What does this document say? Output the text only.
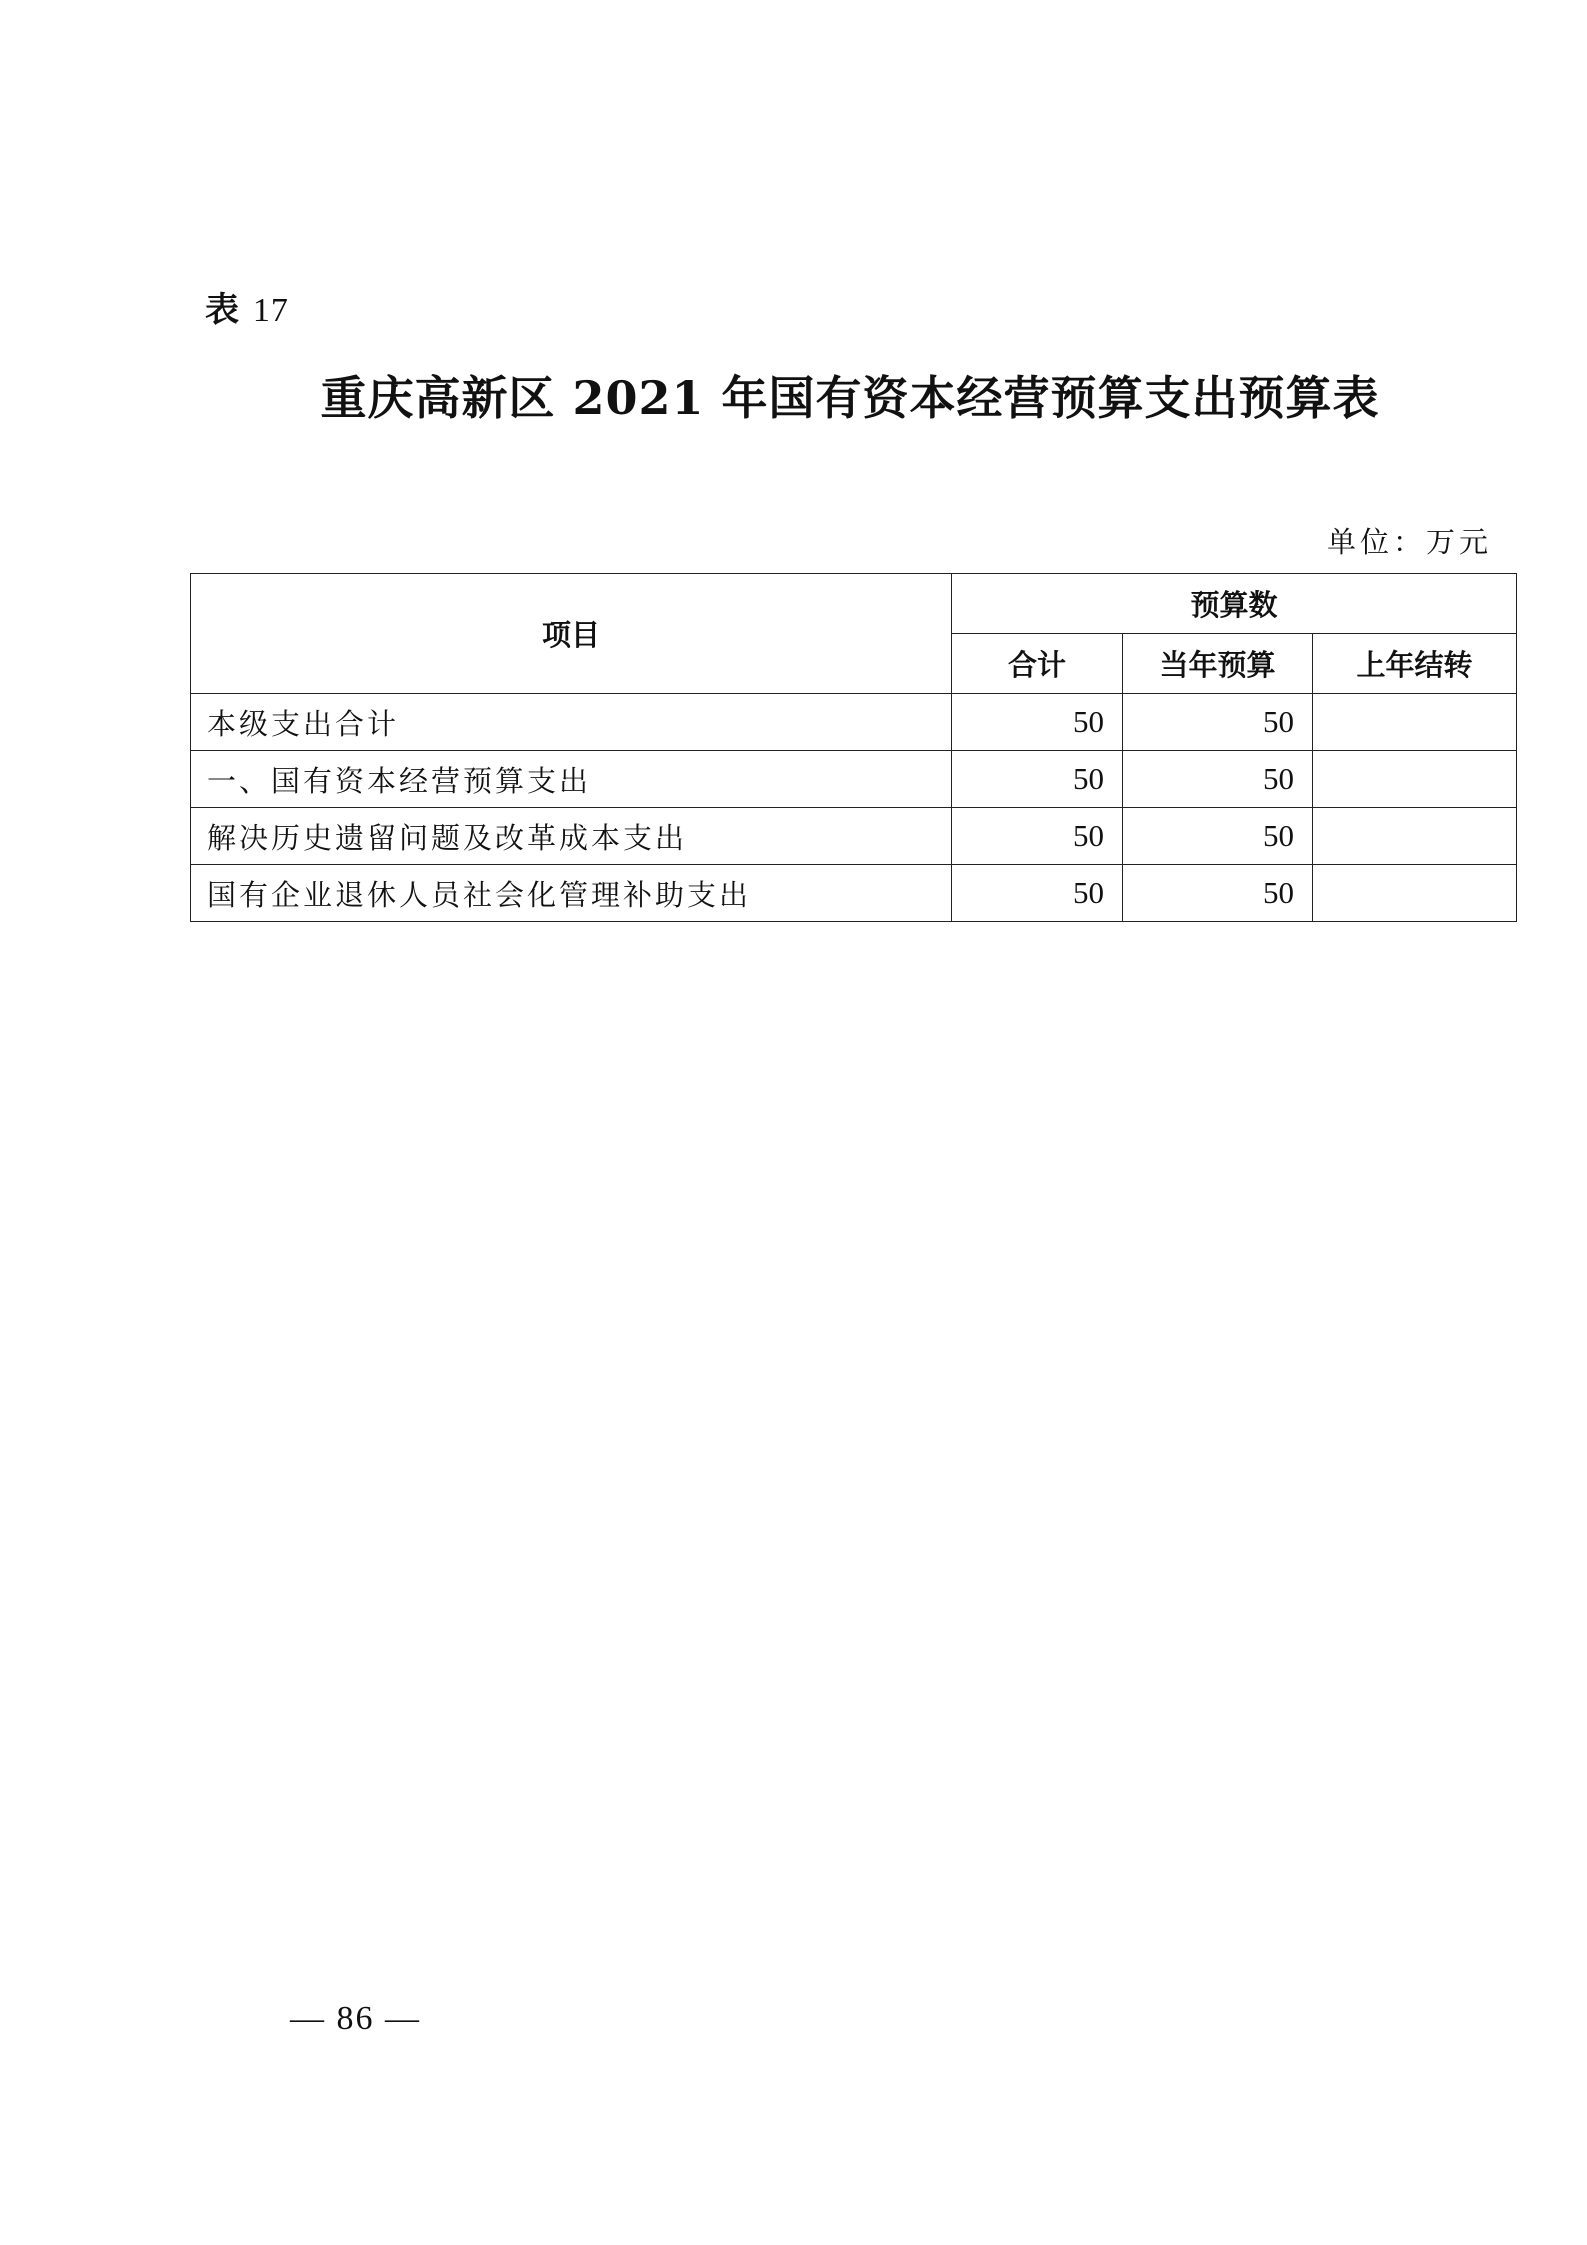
表 17
重庆高新区 2021 年国有资本经营预算支出预算表
单位：万元
项目	预算数		
	合计	当年预算	上年结转
本级支出合计	50	50	
一、国有资本经营预算支出	50	50	
解决历史遗留问题及改革成本支出	50	50	
国有企业退休人员社会化管理补助支出	50	50	
— 86 —
